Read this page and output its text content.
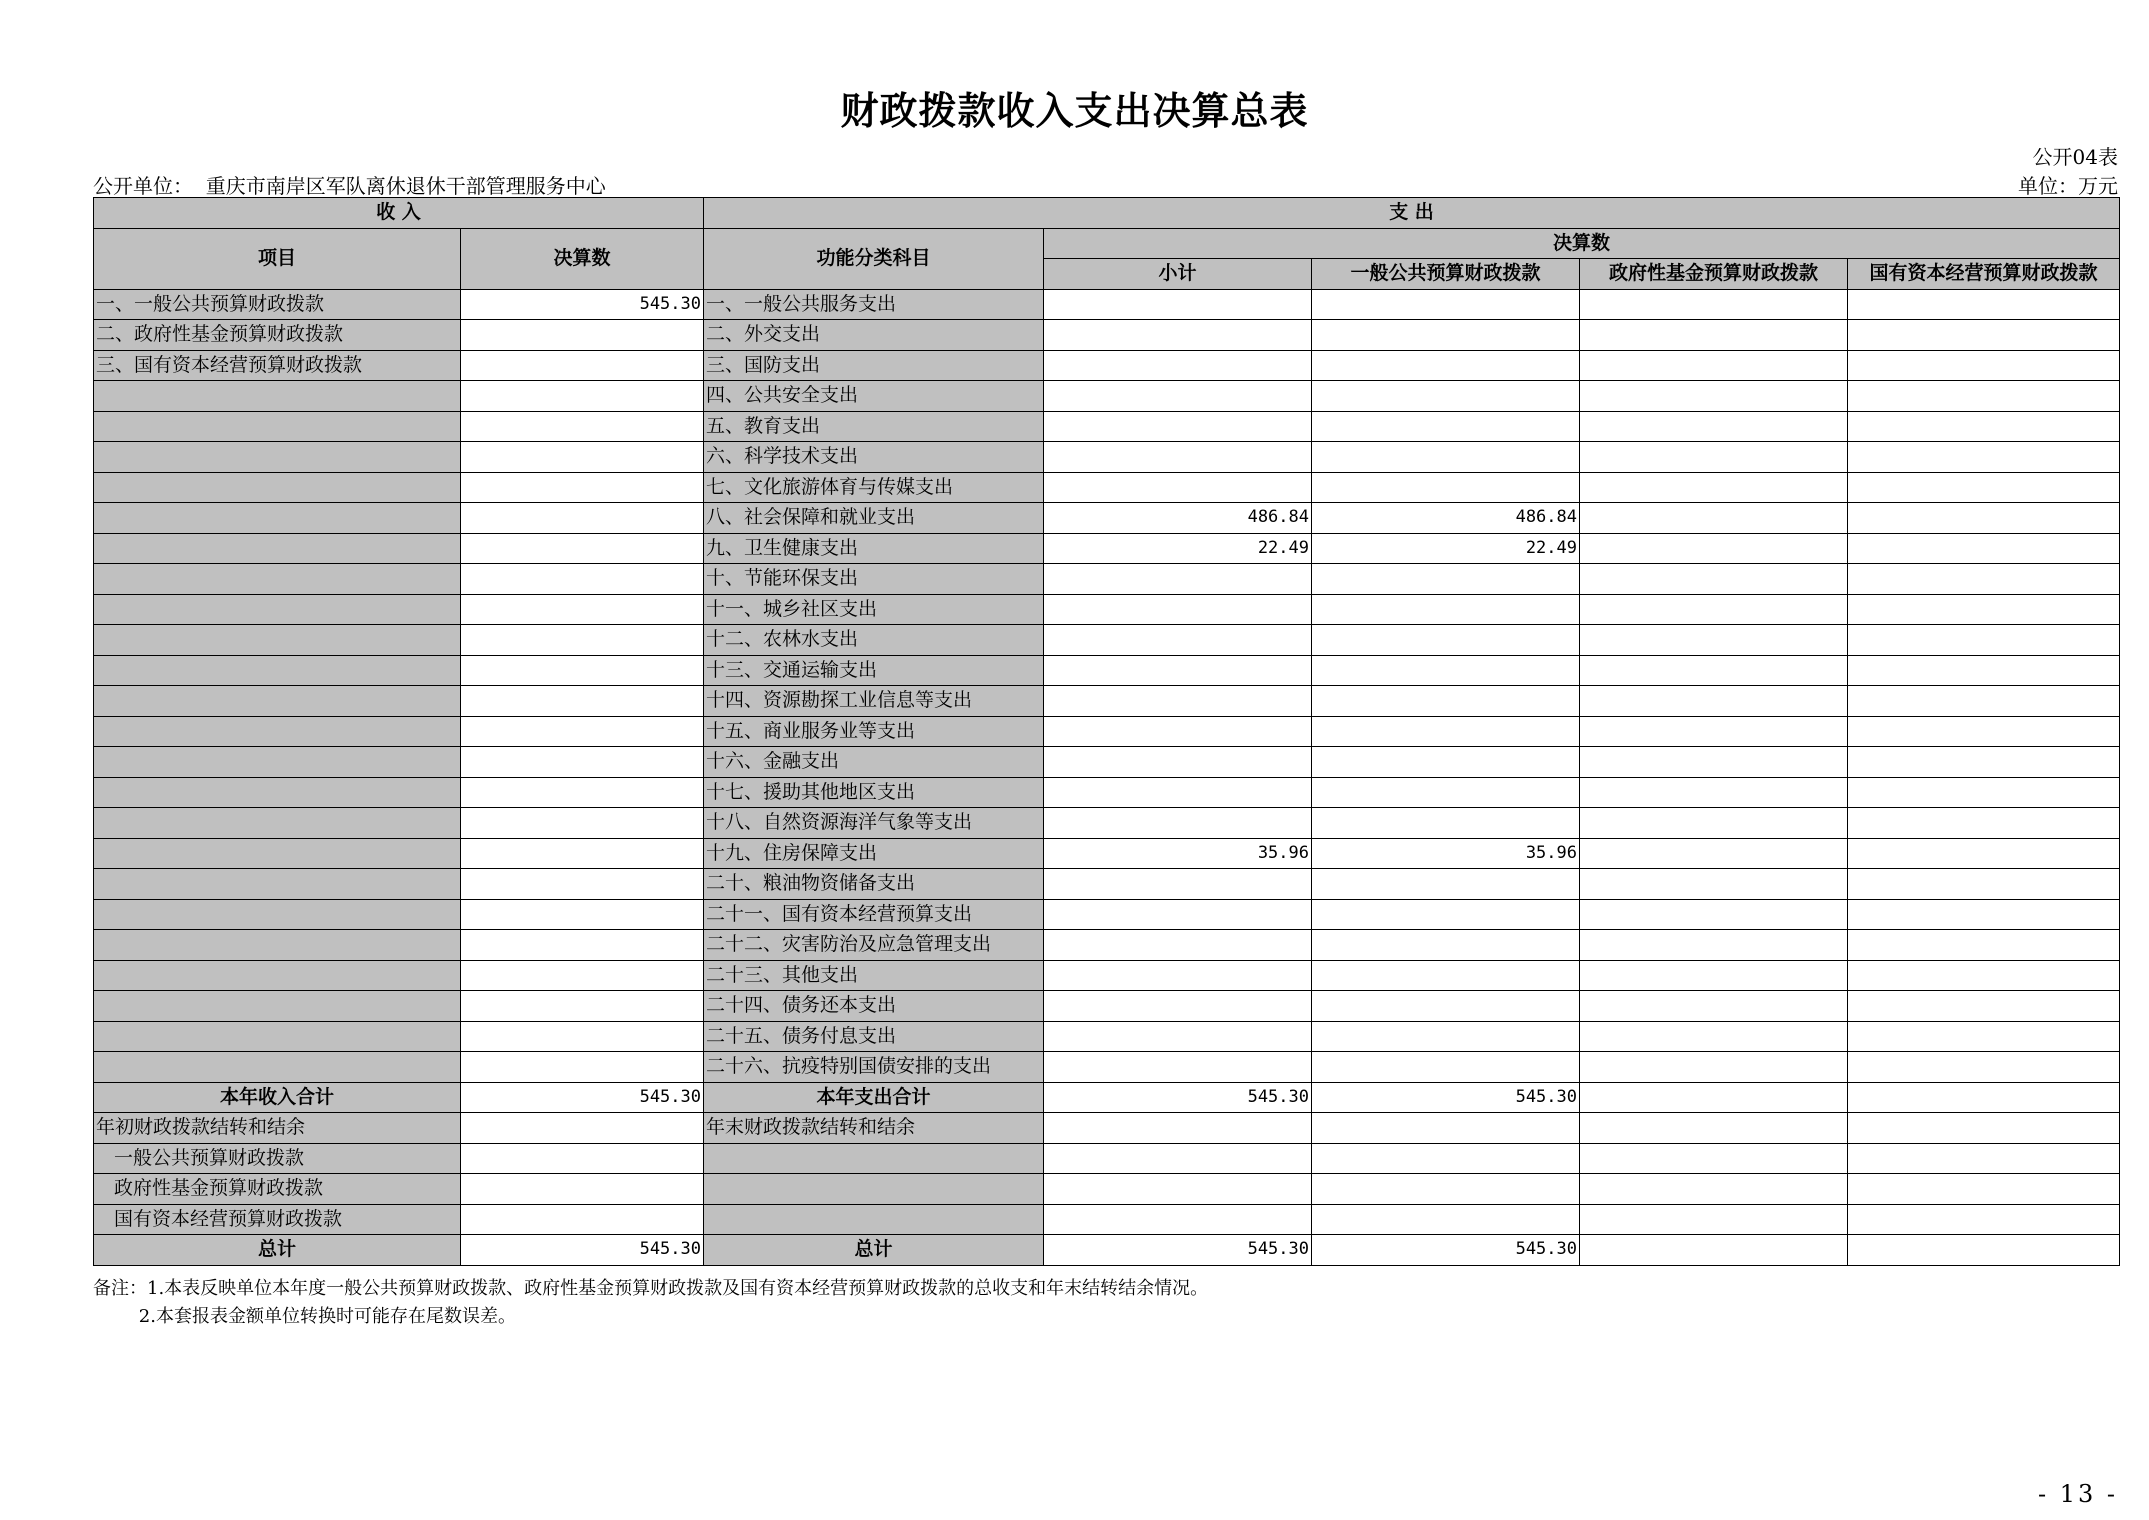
财政拨款收入支出决算总表
公开04表
公开单位：  重庆市南岸区军队离休退休干部管理服务中心	单位：万元
收 入		支 出				
项目	决算数	功能分类科目	决算数			
			小计	一般公共预算财政拨款	政府性基金预算财政拨款	国有资本经营预算财政拨款
一、一般公共预算财政拨款	545.30	一、一般公共服务支出				
二、政府性基金预算财政拨款		二、外交支出				
三、国有资本经营预算财政拨款		三、国防支出				
		四、公共安全支出				
		五、教育支出				
		六、科学技术支出				
		七、文化旅游体育与传媒支出				
		八、社会保障和就业支出	486.84	486.84		
		九、卫生健康支出	22.49	22.49		
		十、节能环保支出				
		十一、城乡社区支出				
		十二、农林水支出				
		十三、交通运输支出				
		十四、资源勘探工业信息等支出				
		十五、商业服务业等支出				
		十六、金融支出				
		十七、援助其他地区支出				
		十八、自然资源海洋气象等支出				
		十九、住房保障支出	35.96	35.96		
		二十、粮油物资储备支出				
		二十一、国有资本经营预算支出				
		二十二、灾害防治及应急管理支出				
		二十三、其他支出				
		二十四、债务还本支出				
		二十五、债务付息支出				
		二十六、抗疫特别国债安排的支出				
本年收入合计	545.30	本年支出合计	545.30	545.30		
年初财政拨款结转和结余		年末财政拨款结转和结余				
一般公共预算财政拨款						
政府性基金预算财政拨款						
国有资本经营预算财政拨款						
总计	545.30	总计	545.30	545.30		
备注：1.本表反映单位本年度一般公共预算财政拨款、政府性基金预算财政拨款及国有资本经营预算财政拨款的总收支和年末结转结余情况。
2.本套报表金额单位转换时可能存在尾数误差。
- 13 -
